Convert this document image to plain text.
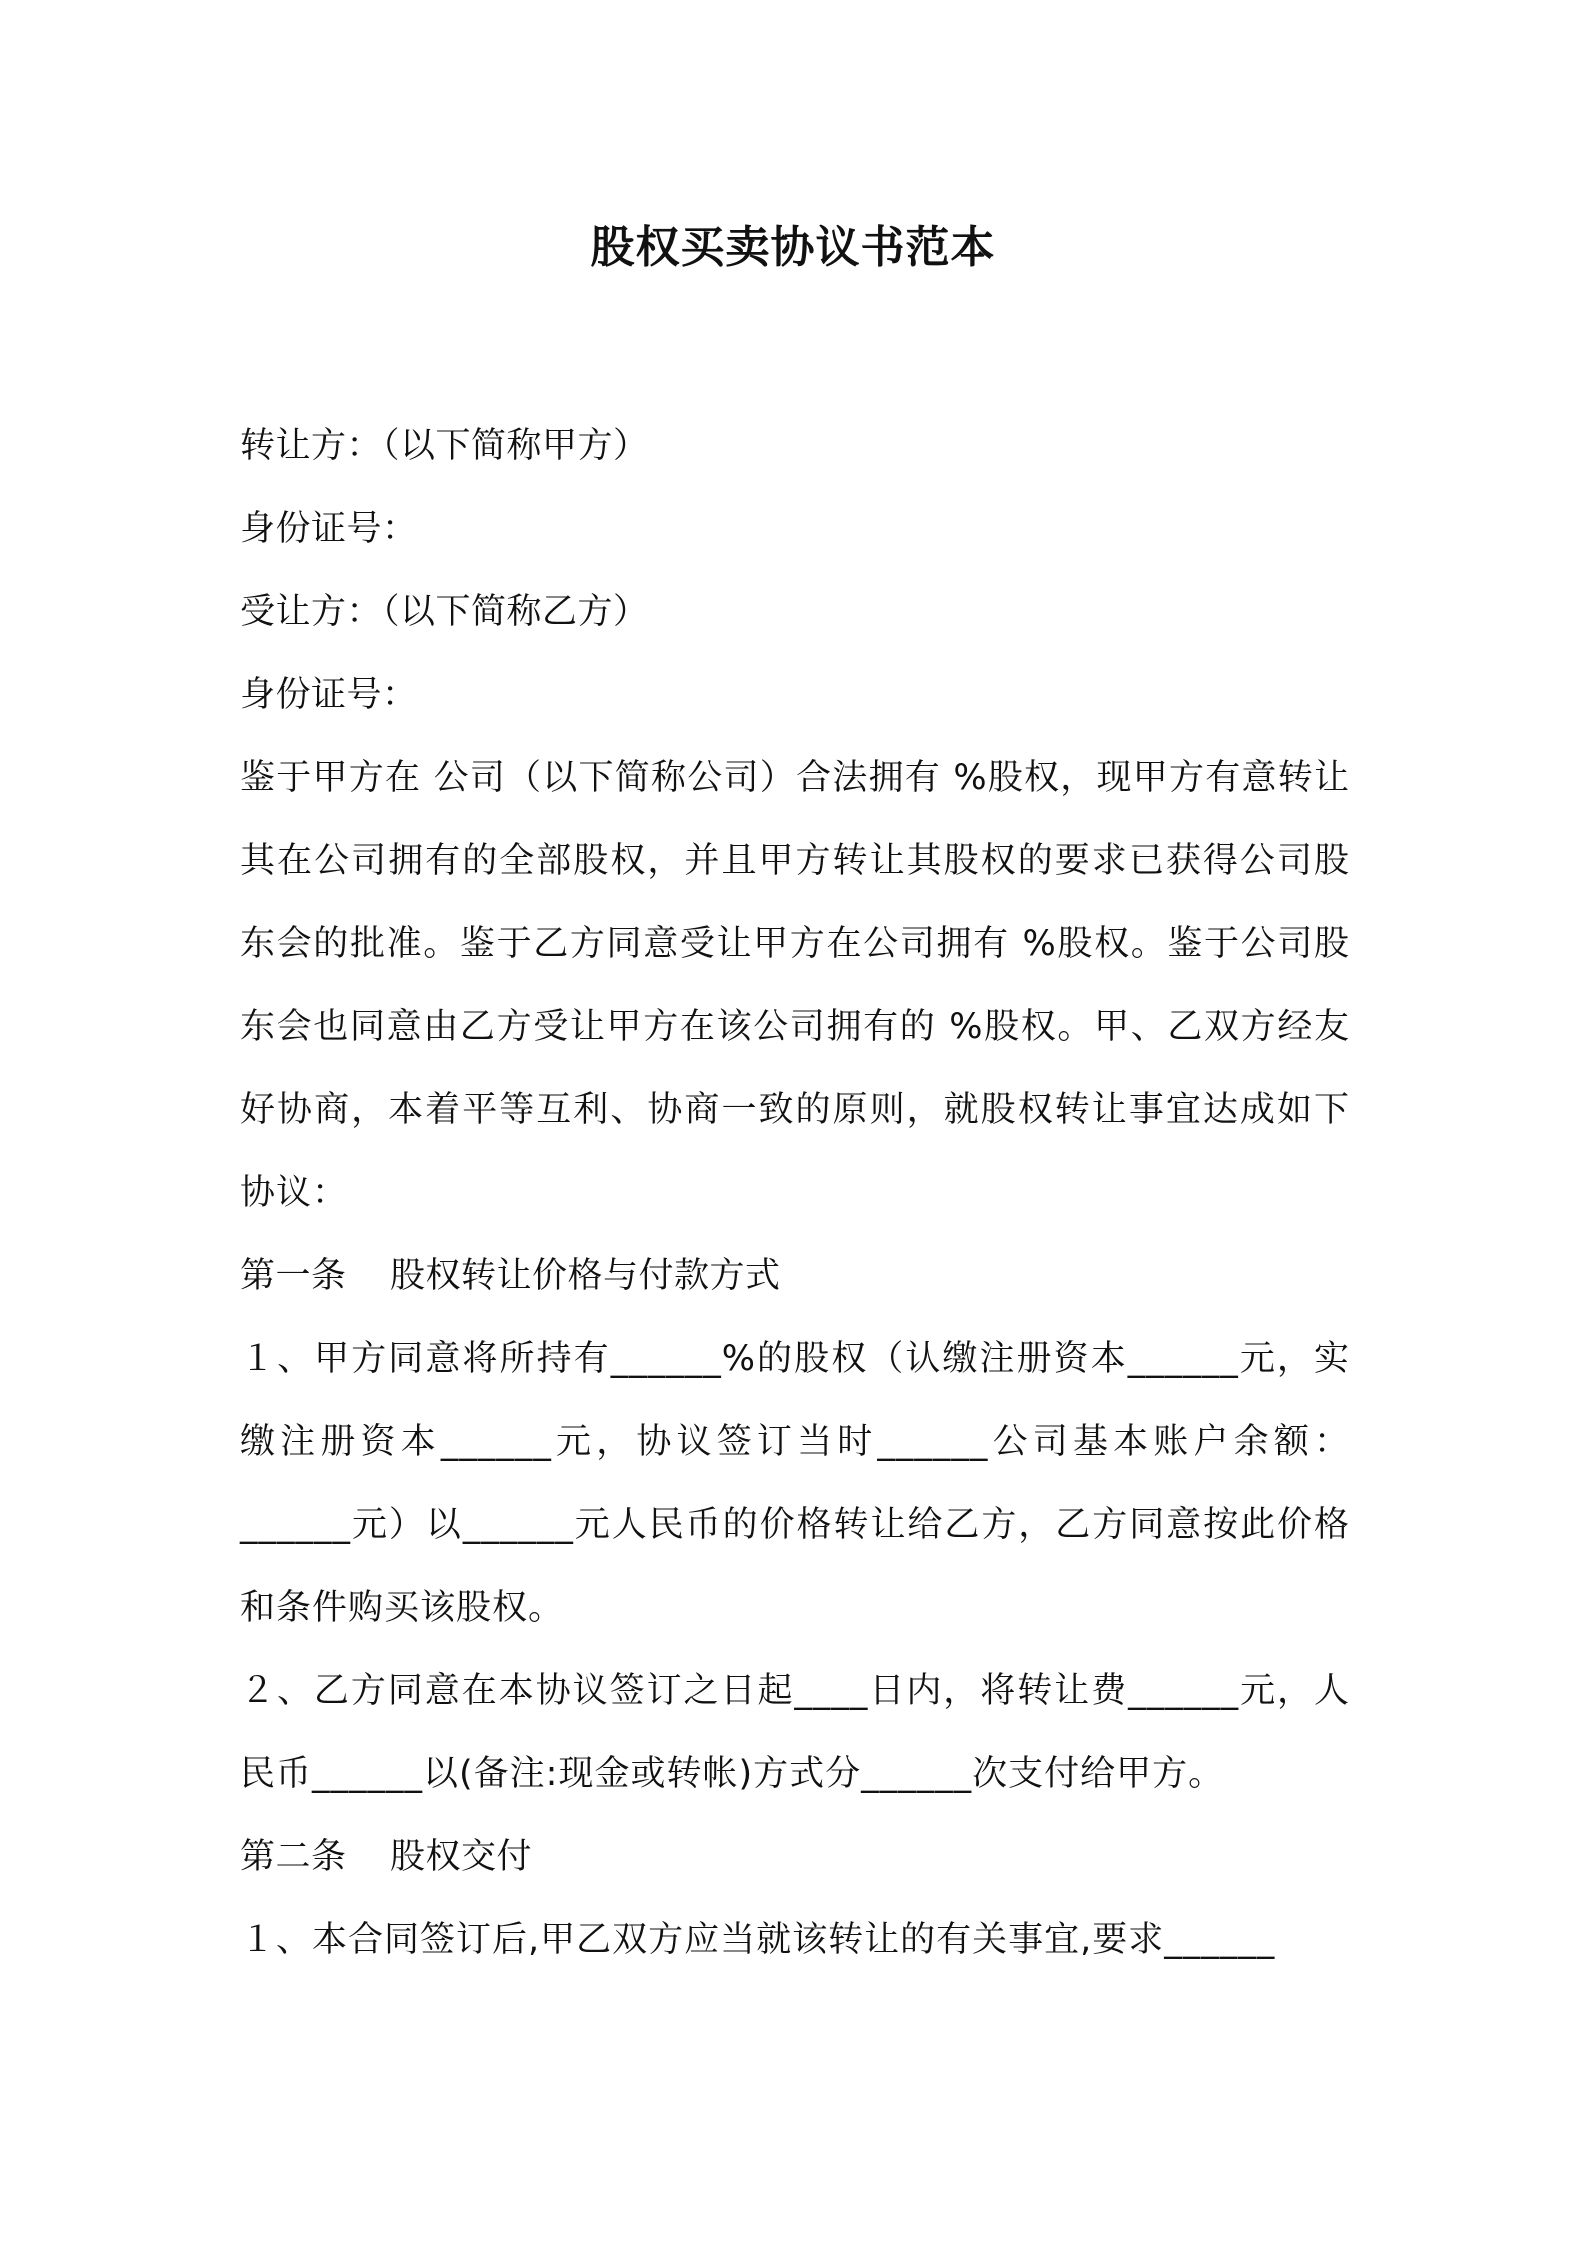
股权买卖协议书范本
转让方：（以下简称甲方）
身份证号：
受让方：（以下简称乙方）
身份证号：
鉴于甲方在 公司（以下简称公司）合法拥有 %股权，现甲方有意转让其在公司拥有的全部股权，并且甲方转让其股权的要求已获得公司股东会的批准。鉴于乙方同意受让甲方在公司拥有 %股权。鉴于公司股东会也同意由乙方受让甲方在该公司拥有的 %股权。甲、乙双方经友好协商，本着平等互利、协商一致的原则，就股权转让事宜达成如下协议：
第一条 股权转让价格与付款方式
１、甲方同意将所持有______%的股权（认缴注册资本______元，实缴注册资本______元，协议签订当时______公司基本账户余额：______元）以______元人民币的价格转让给乙方，乙方同意按此价格和条件购买该股权。
２、乙方同意在本协议签订之日起____日内，将转让费______元，人民币______以(备注:现金或转帐)方式分______次支付给甲方。
第二条 股权交付
１、本合同签订后,甲乙双方应当就该转让的有关事宜,要求______
